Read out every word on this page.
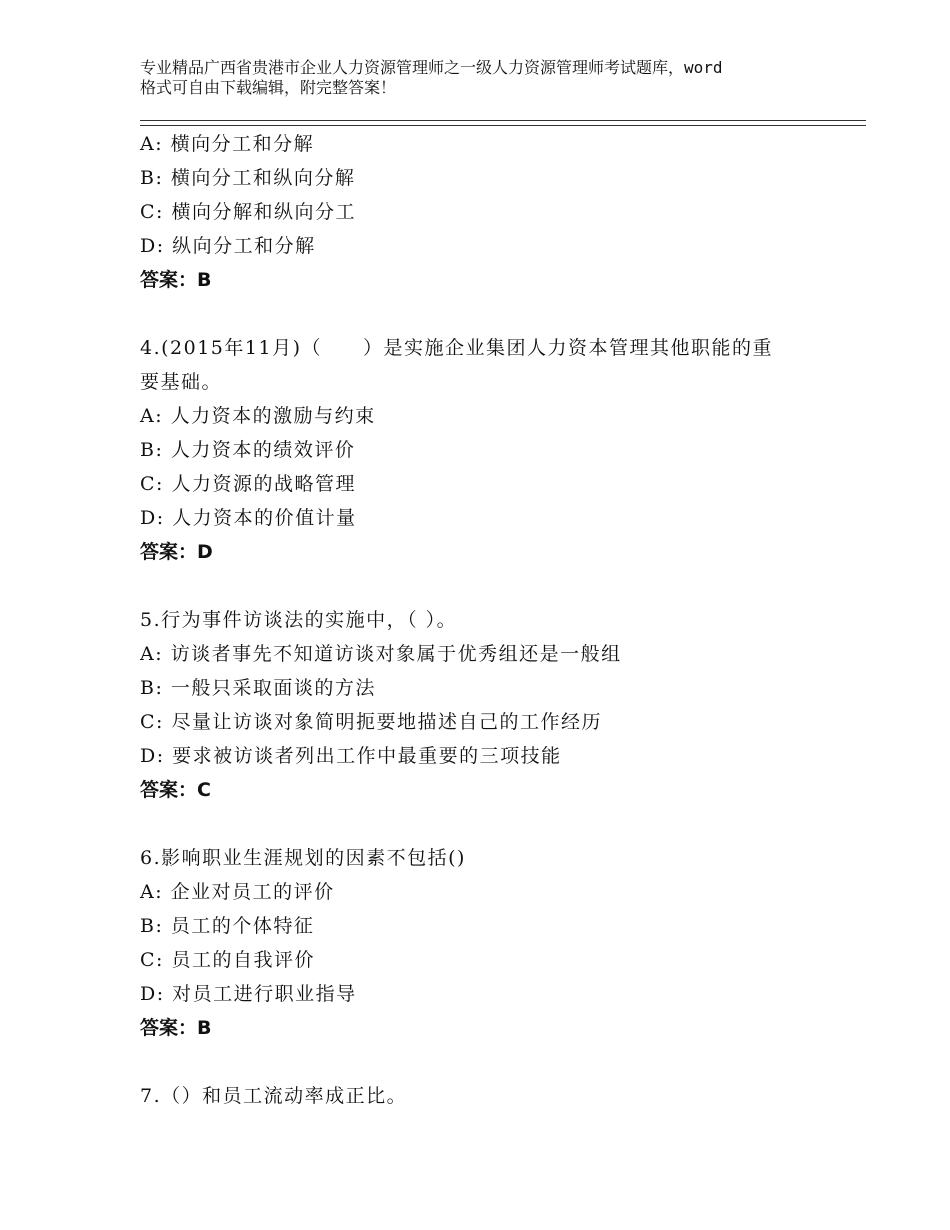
专业精品广西省贵港市企业人力资源管理师之一级人力资源管理师考试题库，word
格式可自由下载编辑，附完整答案！
A: 横向分工和分解
B: 横向分工和纵向分解
C: 横向分解和纵向分工
D: 纵向分工和分解
答案：B
4.(2015年11月)（　　）是实施企业集团人力资本管理其他职能的重
要基础。
A: 人力资本的激励与约束
B: 人力资本的绩效评价
C: 人力资源的战略管理
D: 人力资本的价值计量
答案：D
5.行为事件访谈法的实施中，（ ）。
A: 访谈者事先不知道访谈对象属于优秀组还是一般组
B: 一般只采取面谈的方法
C: 尽量让访谈对象简明扼要地描述自己的工作经历
D: 要求被访谈者列出工作中最重要的三项技能
答案：C
6.影响职业生涯规划的因素不包括()
A: 企业对员工的评价
B: 员工的个体特征
C: 员工的自我评价
D: 对员工进行职业指导
答案：B
7.（）和员工流动率成正比。
